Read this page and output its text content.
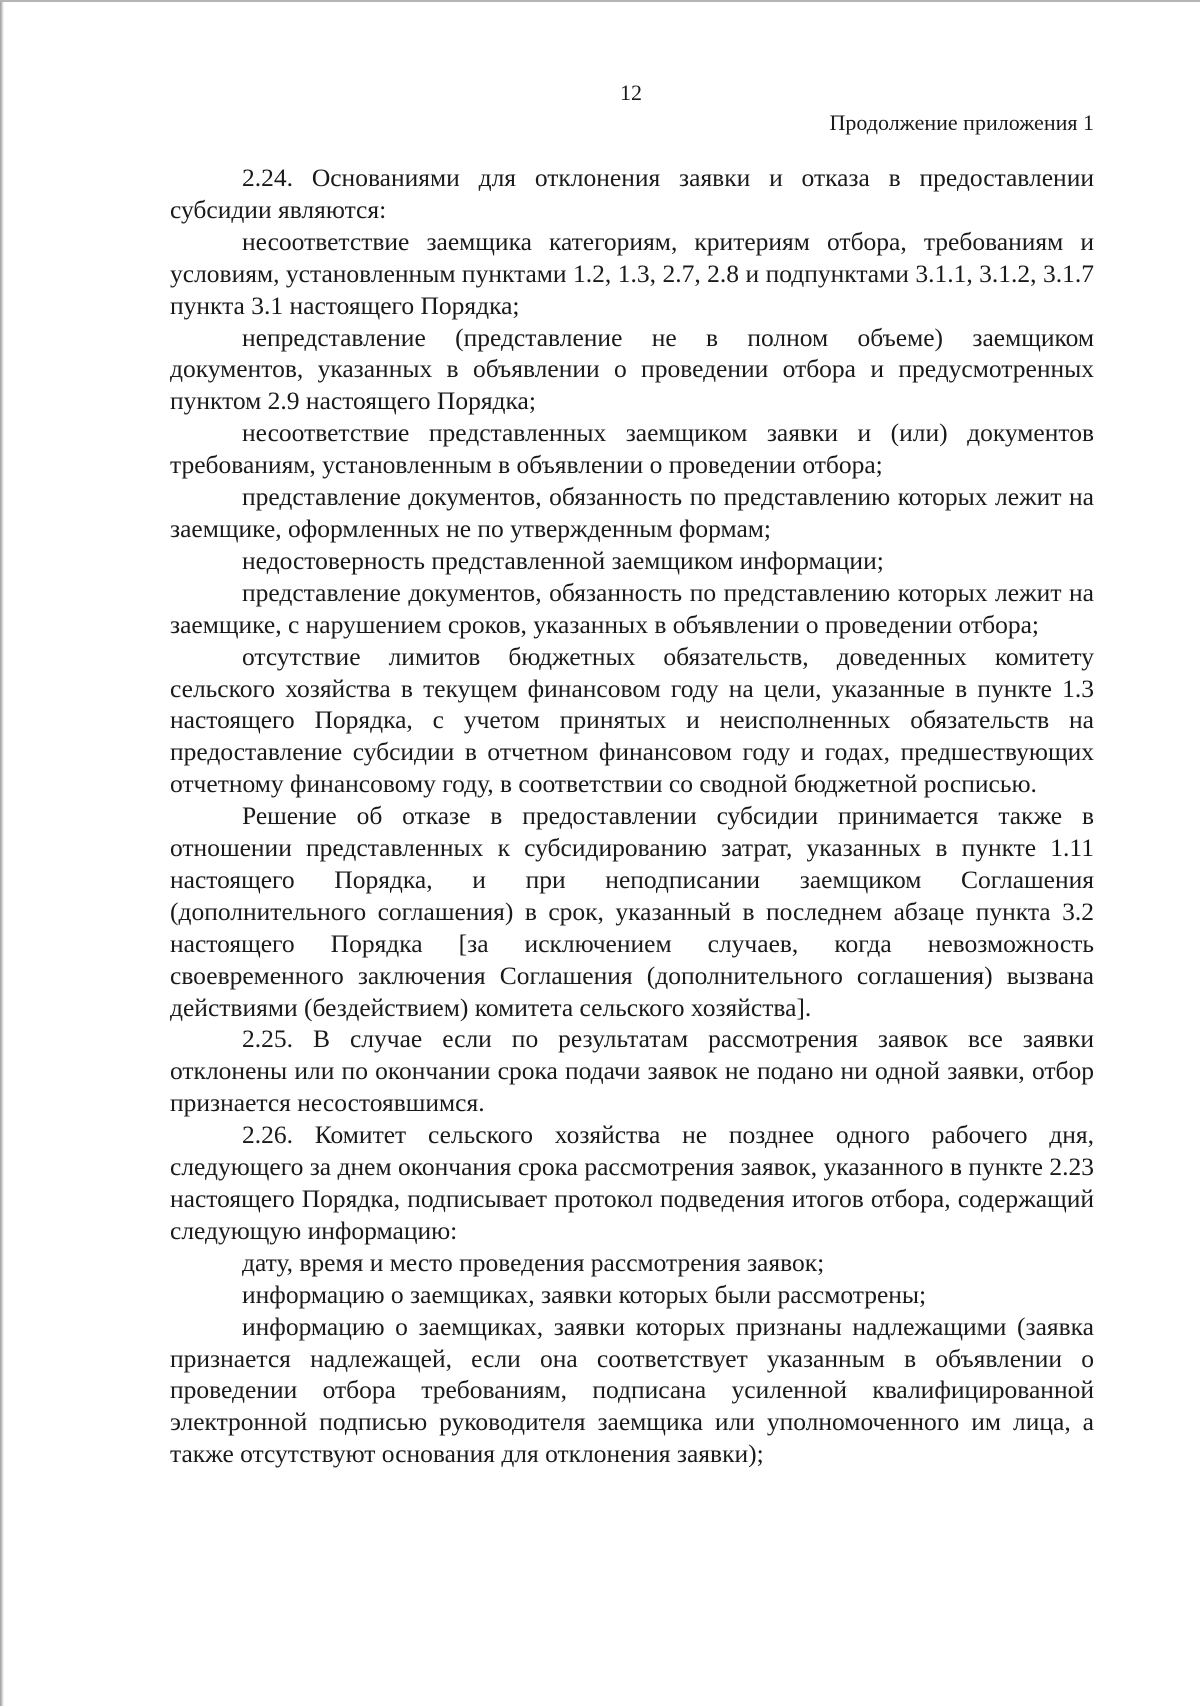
12
Продолжение приложения 1

2.24. Основаниями для отклонения заявки и отказа в предоставлении субсидии являются:

несоответствие заемщика категориям, критериям отбора, требованиям и условиям, установленным пунктами 1.2, 1.3, 2.7, 2.8 и подпунктами 3.1.1, 3.1.2, 3.1.7 пункта 3.1 настоящего Порядка;

непредставление (представление не в полном объеме) заемщиком документов, указанных в объявлении о проведении отбора и предусмотренных пунктом 2.9 настоящего Порядка;

несоответствие представленных заемщиком заявки и (или) документов требованиям, установленным в объявлении о проведении отбора;

представление документов, обязанность по представлению которых лежит на заемщике, оформленных не по утвержденным формам;

недостоверность представленной заемщиком информации;

представление документов, обязанность по представлению которых лежит на заемщике, с нарушением сроков, указанных в объявлении о проведении отбора;

отсутствие лимитов бюджетных обязательств, доведенных комитету сельского хозяйства в текущем финансовом году на цели, указанные в пункте 1.3 настоящего Порядка, с учетом принятых и неисполненных обязательств на предоставление субсидии в отчетном финансовом году и годах, предшествующих отчетному финансовому году, в соответствии со сводной бюджетной росписью.

Решение об отказе в предоставлении субсидии принимается также в отношении представленных к субсидированию затрат, указанных в пункте 1.11 настоящего Порядка, и при неподписании заемщиком Соглашения (дополнительного соглашения) в срок, указанный в последнем абзаце пункта 3.2 настоящего Порядка [за исключением случаев, когда невозможность своевременного заключения Соглашения (дополнительного соглашения) вызвана действиями (бездействием) комитета сельского хозяйства].

2.25. В случае если по результатам рассмотрения заявок все заявки отклонены или по окончании срока подачи заявок не подано ни одной заявки, отбор признается несостоявшимся.

2.26. Комитет сельского хозяйства не позднее одного рабочего дня, следующего за днем окончания срока рассмотрения заявок, указанного в пункте 2.23 настоящего Порядка, подписывает протокол подведения итогов отбора, содержащий следующую информацию:

дату, время и место проведения рассмотрения заявок;

информацию о заемщиках, заявки которых были рассмотрены;

информацию о заемщиках, заявки которых признаны надлежащими (заявка признается надлежащей, если она соответствует указанным в объявлении о проведении отбора требованиям, подписана усиленной квалифицированной электронной подписью руководителя заемщика или уполномоченного им лица, а также отсутствуют основания для отклонения заявки);
